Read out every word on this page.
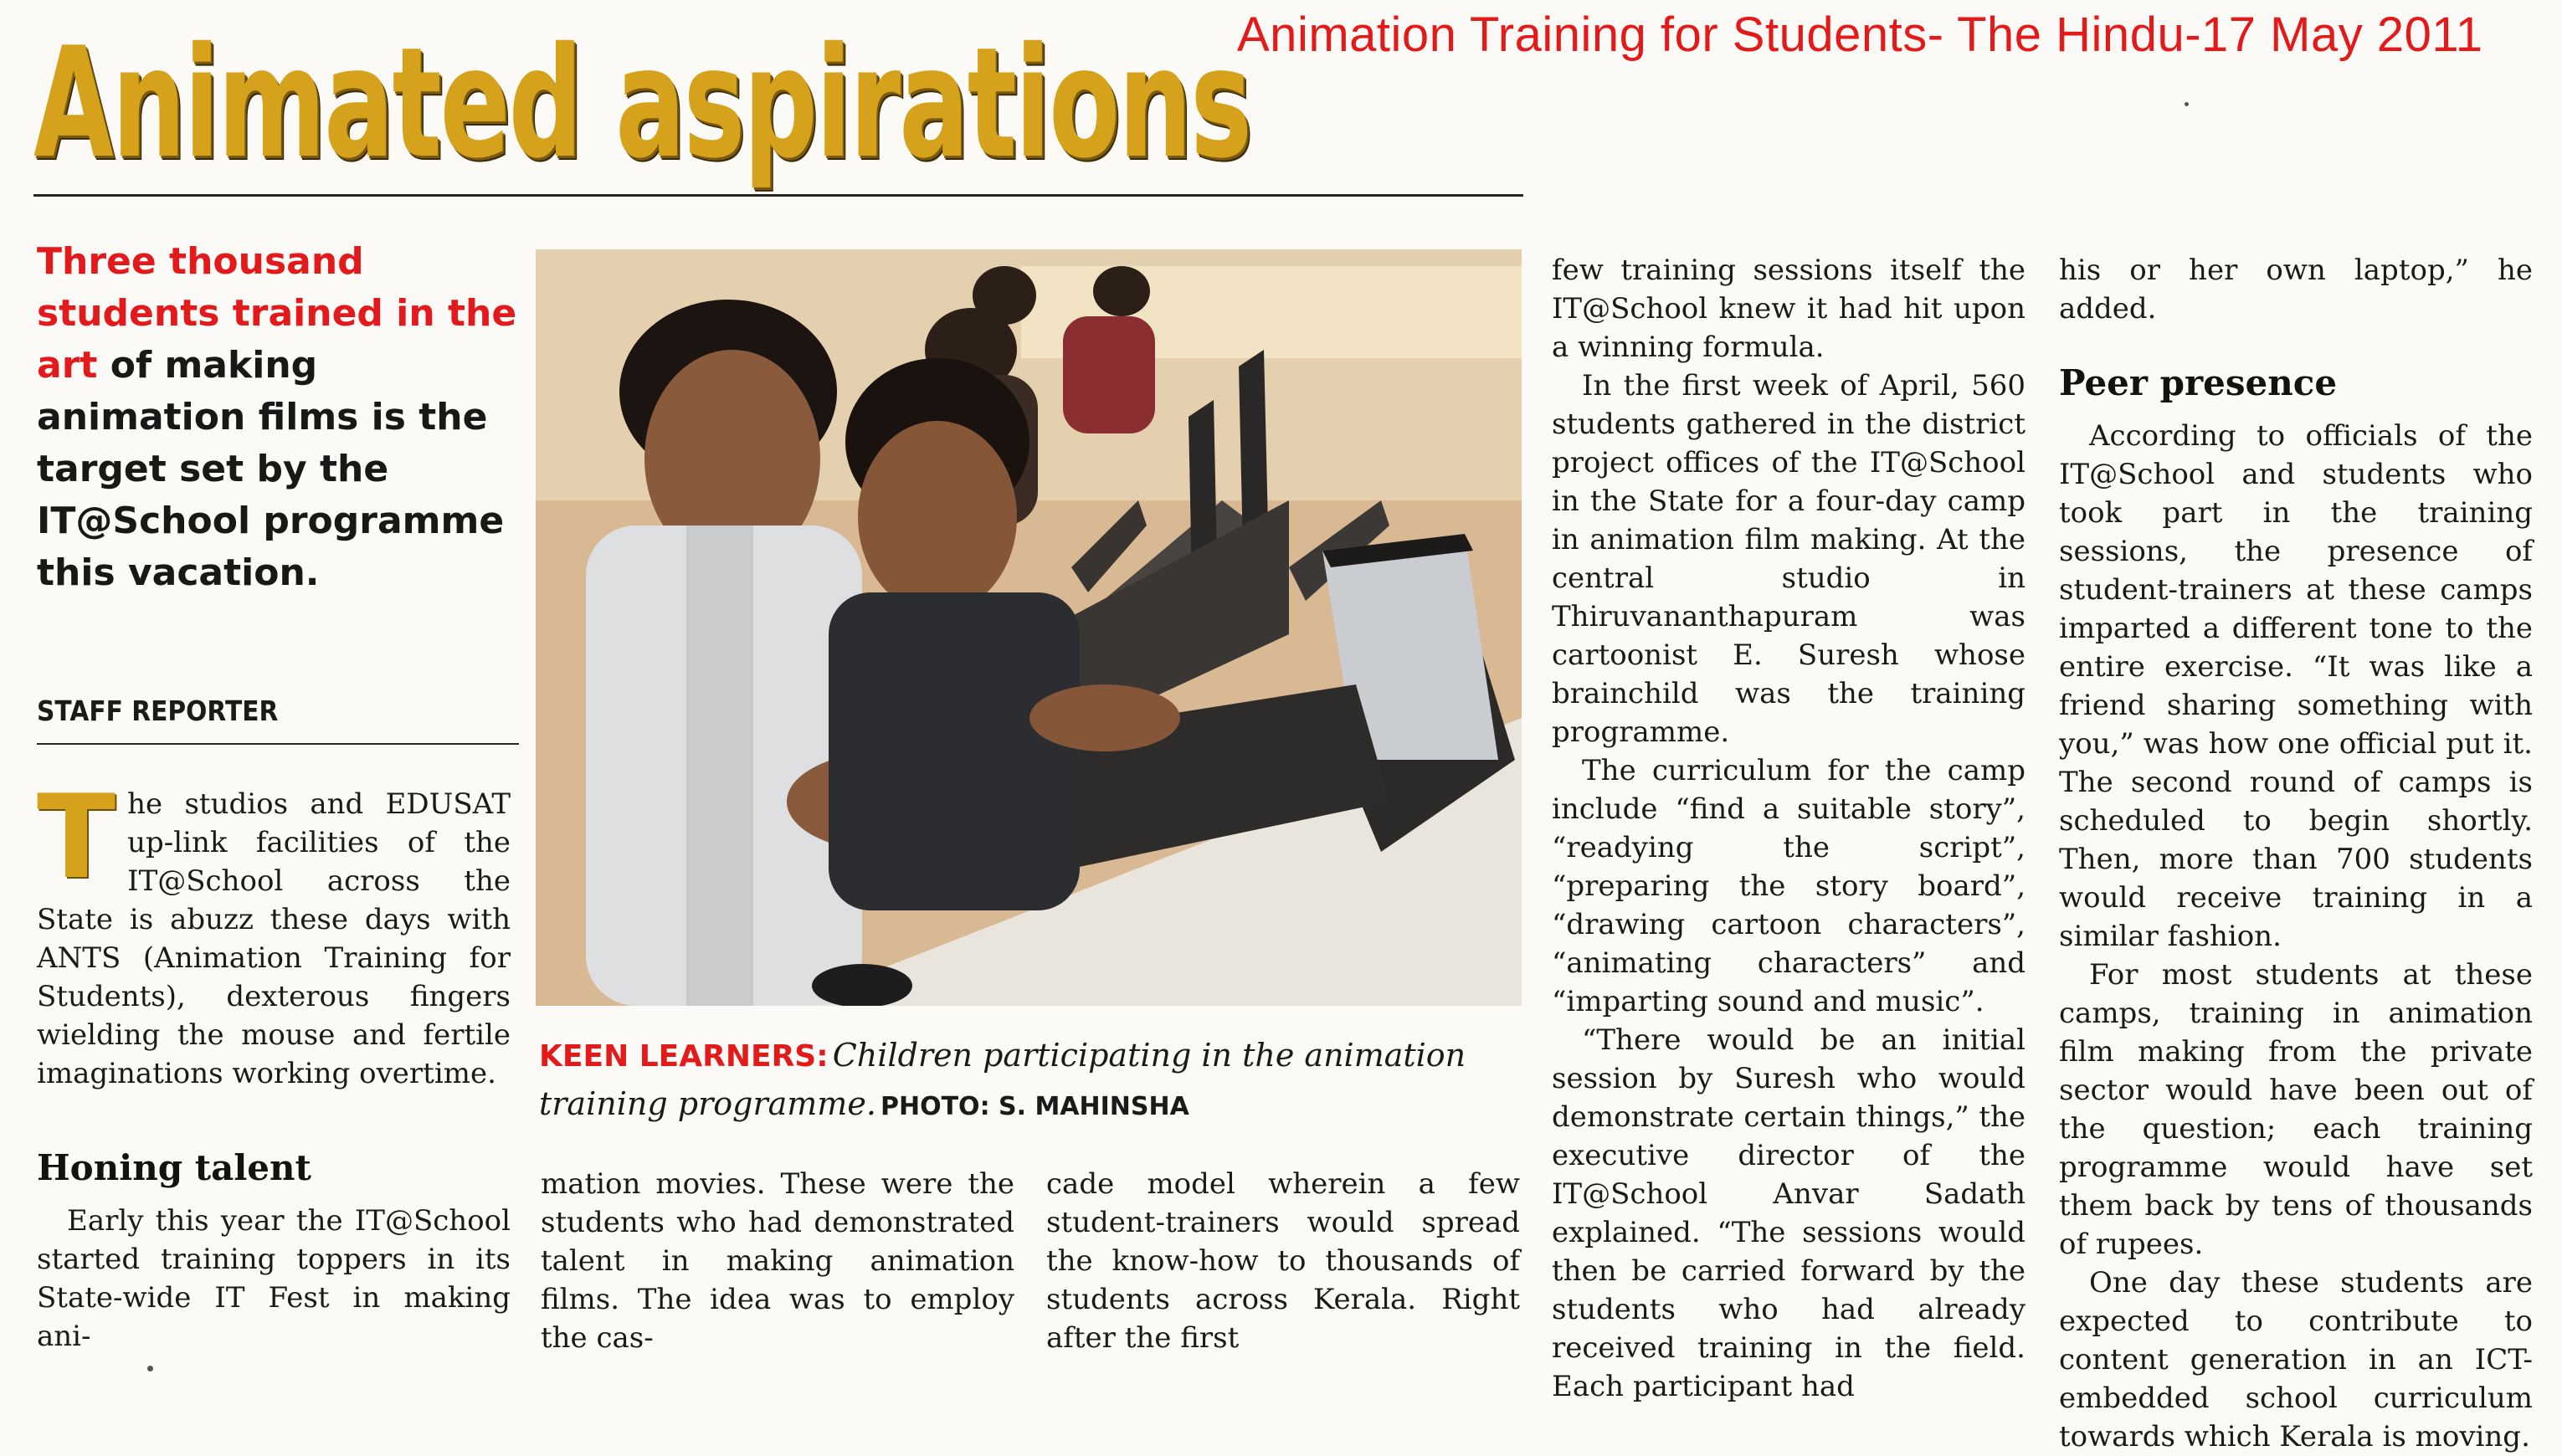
Animation Training for Students- The Hindu-17 May 2011
Animated aspirations
Three thousand students trained in the art of making animation films is the target set by the IT@School programme this vacation.
STAFF REPORTER
The studios and EDUSAT up-link facilities of the IT@School across the State is abuzz these days with ANTS (Animation Training for Students), dexterous fingers wielding the mouse and fertile imaginations working overtime.
Honing talent
Early this year the IT@School started training toppers in its State-wide IT Fest in making ani-
KEEN LEARNERS: Children participating in the animation training programme. PHOTO: S. MAHINSHA
mation movies. These were the students who had demonstrated talent in making animation films. The idea was to employ the cas-
cade model wherein a few student-trainers would spread the know-how to thousands of students across Kerala. Right after the first
few training sessions itself the IT@School knew it had hit upon a winning formula.
In the first week of April, 560 students gathered in the district project offices of the IT@School in the State for a four-day camp in animation film making. At the central studio in Thiruvananthapuram was cartoonist E. Suresh whose brainchild was the training programme.
The curriculum for the camp include “find a suitable story”, “readying the script”, “preparing the story board”, “drawing cartoon characters”, “animating characters” and “imparting sound and music”.
“There would be an initial session by Suresh who would demonstrate certain things,” the executive director of the IT@School Anvar Sadath explained. “The sessions would then be carried forward by the students who had already received training in the field. Each participant had
his or her own laptop,” he added.
Peer presence
According to officials of the IT@School and students who took part in the training sessions, the presence of student-trainers at these camps imparted a different tone to the entire exercise. “It was like a friend sharing something with you,” was how one official put it. The second round of camps is scheduled to begin shortly. Then, more than 700 students would receive training in a similar fashion.
For most students at these camps, training in animation film making from the private sector would have been out of the question; each training programme would have set them back by tens of thousands of rupees.
One day these students are expected to contribute to content generation in an ICT-embedded school curriculum towards which Kerala is moving.
